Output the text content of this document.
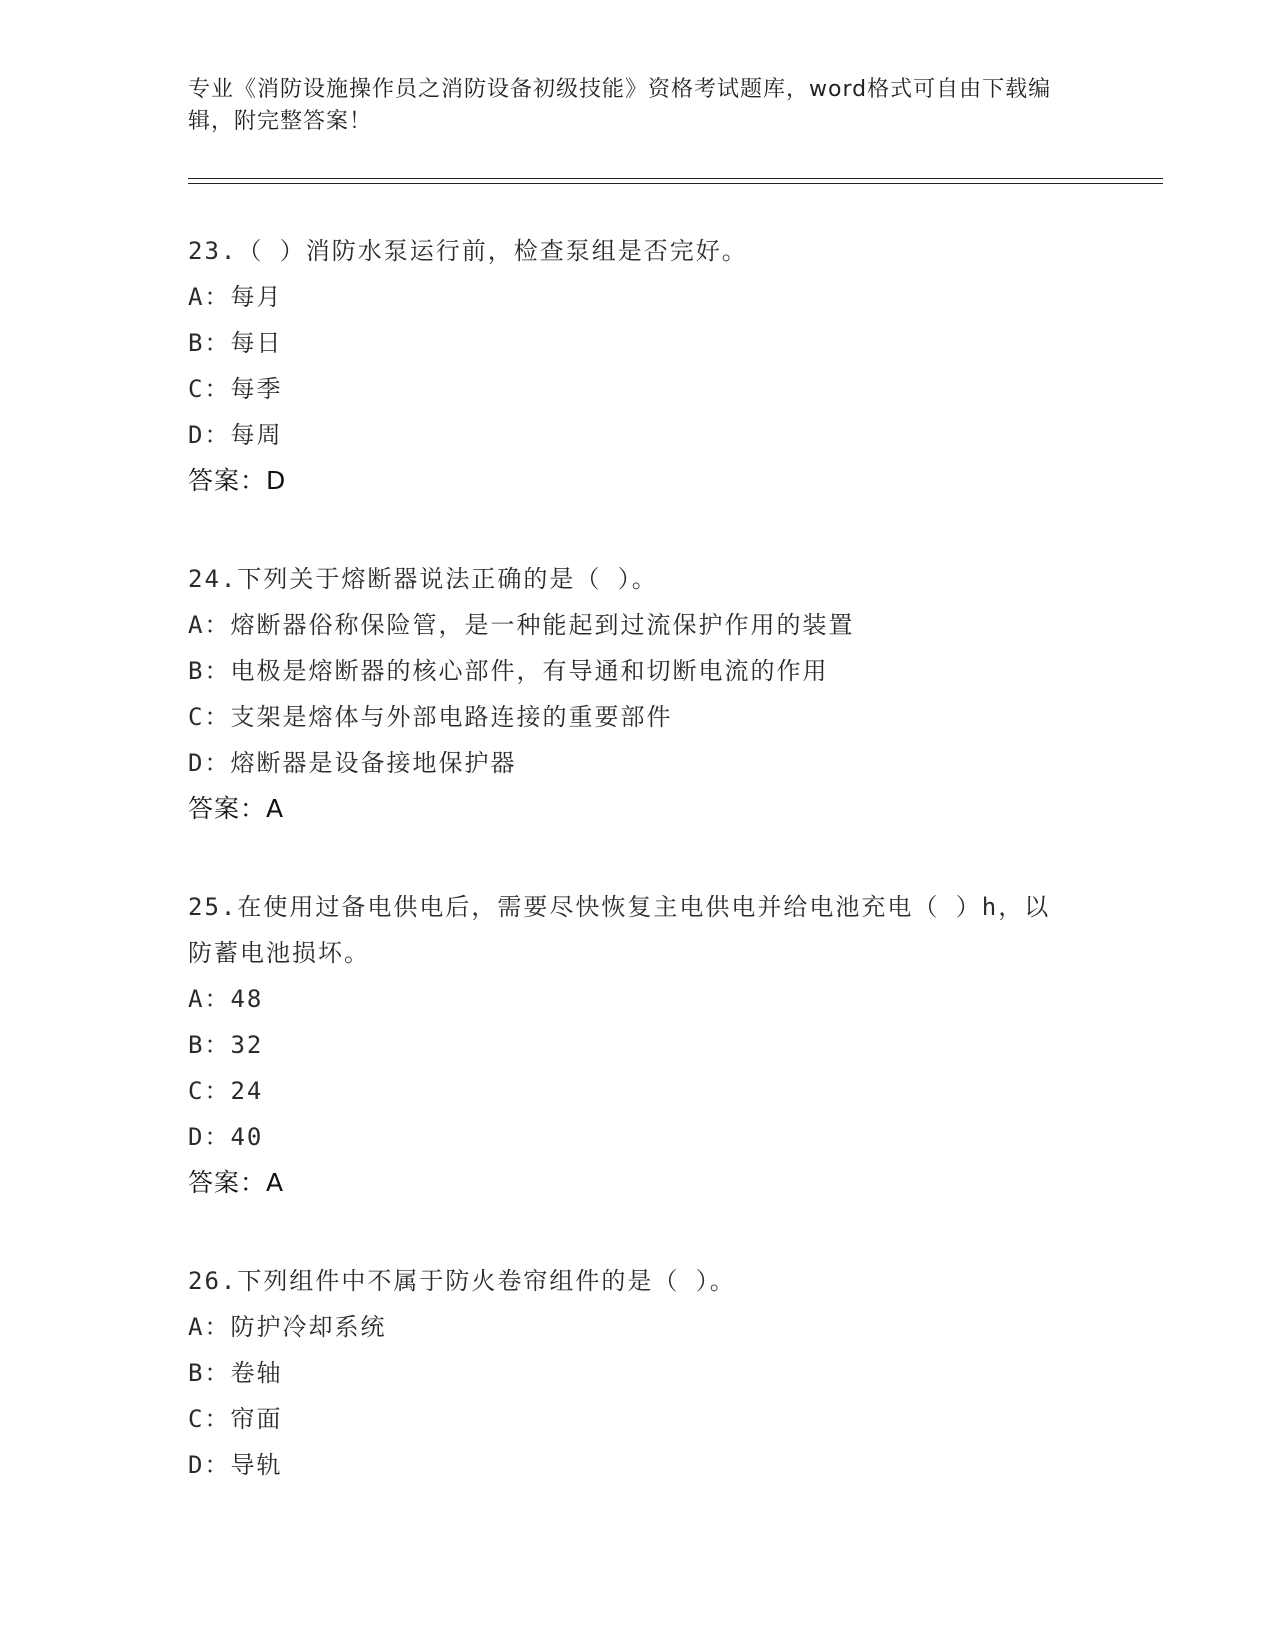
专业《消防设施操作员之消防设备初级技能》资格考试题库，word格式可自由下载编辑，附完整答案！
23.（ ）消防水泵运行前，检查泵组是否完好。
A：每月
B：每日
C：每季
D：每周
答案：D
24.下列关于熔断器说法正确的是（ ）。
A：熔断器俗称保险管，是一种能起到过流保护作用的装置
B：电极是熔断器的核心部件，有导通和切断电流的作用
C：支架是熔体与外部电路连接的重要部件
D：熔断器是设备接地保护器
答案：A
25.在使用过备电供电后，需要尽快恢复主电供电并给电池充电（ ）h，以防蓄电池损坏。
A：48
B：32
C：24
D：40
答案：A
26.下列组件中不属于防火卷帘组件的是（ ）。
A：防护冷却系统
B：卷轴
C：帘面
D：导轨
